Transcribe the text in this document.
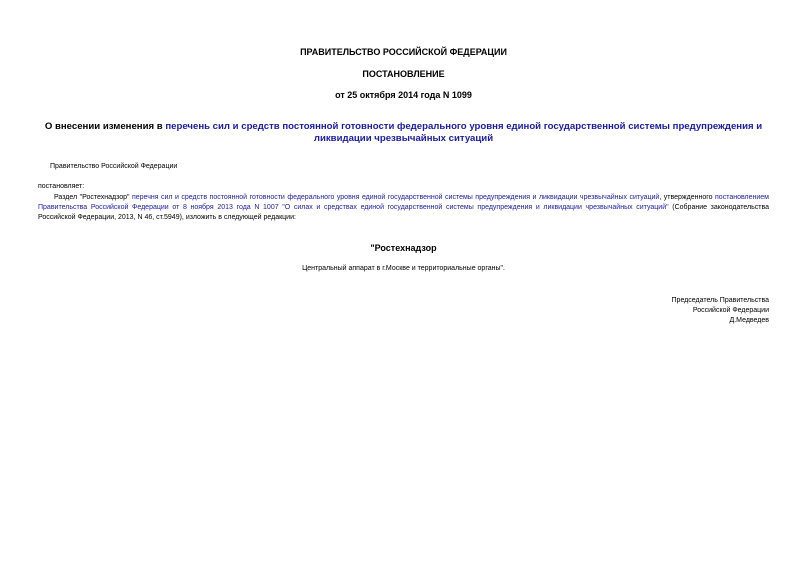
ПРАВИТЕЛЬСТВО РОССИЙСКОЙ ФЕДЕРАЦИИ
ПОСТАНОВЛЕНИЕ
от 25 октября 2014 года N 1099
О внесении изменения в перечень сил и средств постоянной готовности федерального уровня единой государственной системы предупреждения и ликвидации чрезвычайных ситуаций
Правительство Российской Федерации
постановляет:
Раздел "Ростехнадзор" перечня сил и средств постоянной готовности федерального уровня единой государственной системы предупреждения и ликвидации чрезвычайных ситуаций, утвержденного постановлением Правительства Российской Федерации от 8 ноября 2013 года N 1007 "О силах и средствах единой государственной системы предупреждения и ликвидации чрезвычайных ситуаций" (Собрание законодательства Российской Федерации, 2013, N 46, ст.5949), изложить в следующей редакции:
"Ростехнадзор
Центральный аппарат в г.Москве и территориальные органы".
Председатель Правительства
Российской Федерации
Д.Медведев
